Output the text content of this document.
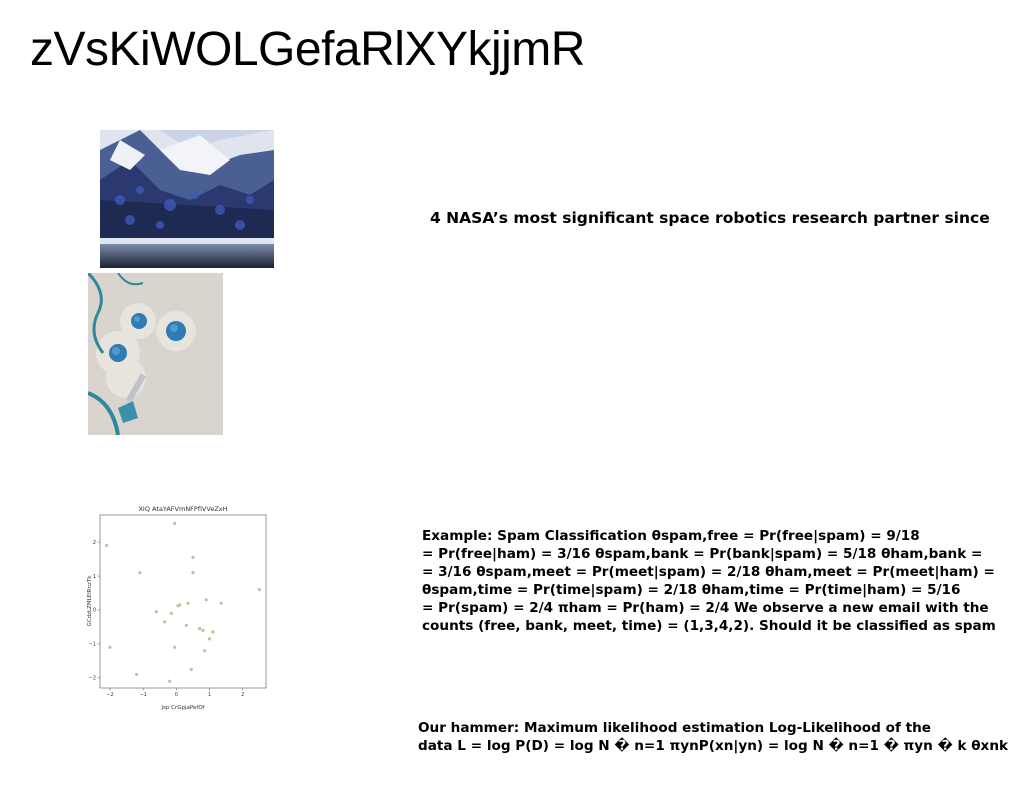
zVsKiWOLGefaRlXYkjjmR
4 NASA’s most significant space robotics research partner since
XIQ AtaYAFVmNFPfiVVeZxH
−2	−1	0	1	2
−2
−1
0
1
2
Jsp CrGpjaPefOf
GCdzLZMLEIRnzTk

Example: Spam Classification θspam,free = Pr(free|spam) = 9/18

= Pr(free|ham) = 3/16 θspam,bank = Pr(bank|spam) = 5/18 θham,bank =

= 3/16 θspam,meet = Pr(meet|spam) = 2/18 θham,meet = Pr(meet|ham) =

θspam,time = Pr(time|spam) = 2/18 θham,time = Pr(time|ham) = 5/16

= Pr(spam) = 2/4 πham = Pr(ham) = 2/4 We observe a new email with the

counts (free, bank, meet, time) = (1,3,4,2). Should it be classified as spam

Our hammer: Maximum likelihood estimation Log-Likelihood of the

data L = log P(D) = log N � n=1 πynP(xn|yn) = log N � n=1 � πyn � k θxnk
